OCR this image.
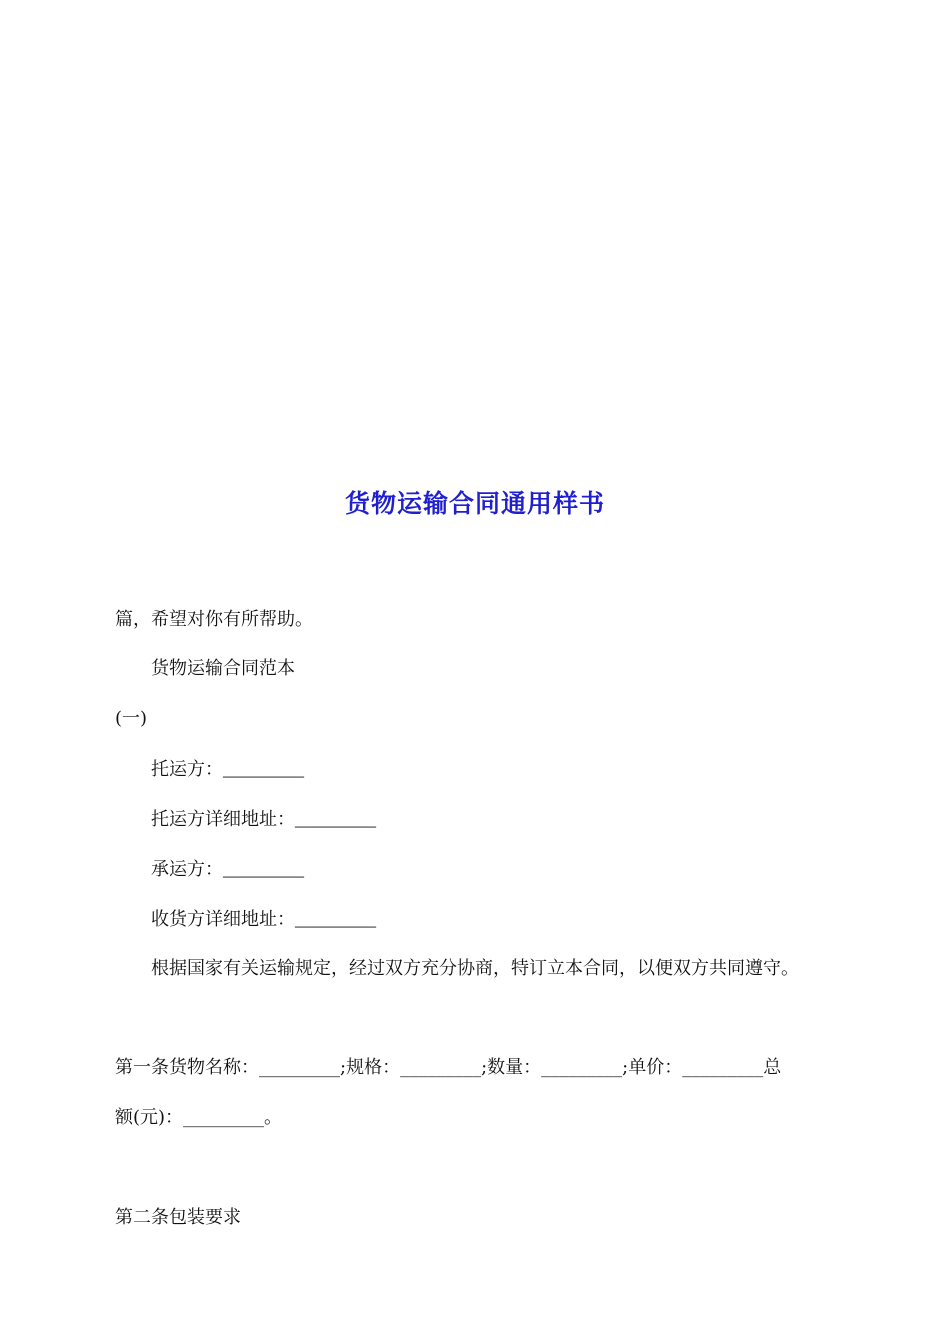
货物运输合同通用样书
篇，希望对你有所帮助。
货物运输合同范本
(一)
托运方：_________
托运方详细地址：_________
承运方：_________
收货方详细地址：_________
根据国家有关运输规定，经过双方充分协商，特订立本合同，以便双方共同遵守。
第一条货物名称：_________;规格：_________;数量：_________;单价：_________总
额(元)：_________。
第二条包装要求
